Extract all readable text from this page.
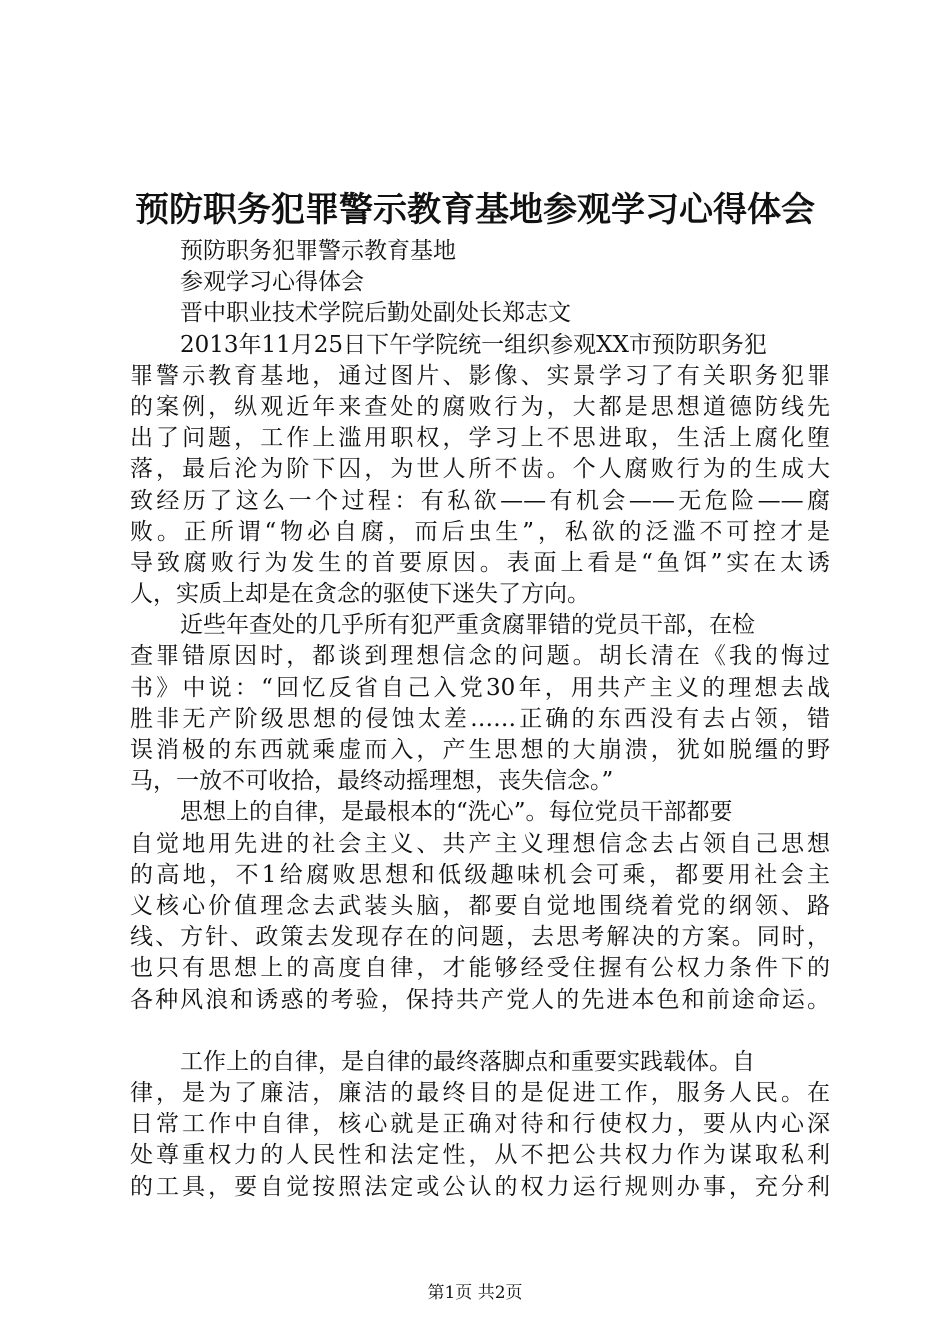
预防职务犯罪警示教育基地参观学习心得体会
预防职务犯罪警示教育基地
参观学习心得体会
晋中职业技术学院后勤处副处长郑志文
2013年11月25日下午学院统一组织参观XX市预防职务犯
罪警示教育基地，通过图片、影像、实景学习了有关职务犯罪
的案例，纵观近年来查处的腐败行为，大都是思想道德防线先
出了问题，工作上滥用职权，学习上不思进取，生活上腐化堕
落，最后沦为阶下囚，为世人所不齿。个人腐败行为的生成大
致经历了这么一个过程：有私欲——有机会——无危险——腐
败。正所谓“物必自腐，而后虫生”，私欲的泛滥不可控才是
导致腐败行为发生的首要原因。表面上看是“鱼饵”实在太诱
人，实质上却是在贪念的驱使下迷失了方向。
近些年查处的几乎所有犯严重贪腐罪错的党员干部，在检
查罪错原因时，都谈到理想信念的问题。胡长清在《我的悔过
书》中说：“回忆反省自己入党30年，用共产主义的理想去战
胜非无产阶级思想的侵蚀太差……正确的东西没有去占领，错
误消极的东西就乘虚而入，产生思想的大崩溃，犹如脱缰的野
马，一放不可收拾，最终动摇理想，丧失信念。”
思想上的自律，是最根本的“洗心”。每位党员干部都要
自觉地用先进的社会主义、共产主义理想信念去占领自己思想
的高地，不1给腐败思想和低级趣味机会可乘，都要用社会主
义核心价值理念去武装头脑，都要自觉地围绕着党的纲领、路
线、方针、政策去发现存在的问题，去思考解决的方案。同时，
也只有思想上的高度自律，才能够经受住握有公权力条件下的
各种风浪和诱惑的考验，保持共产党人的先进本色和前途命运。
工作上的自律，是自律的最终落脚点和重要实践载体。自
律，是为了廉洁，廉洁的最终目的是促进工作，服务人民。在
日常工作中自律，核心就是正确对待和行使权力，要从内心深
处尊重权力的人民性和法定性，从不把公共权力作为谋取私利
的工具，要自觉按照法定或公认的权力运行规则办事，充分利
第1页 共2页
